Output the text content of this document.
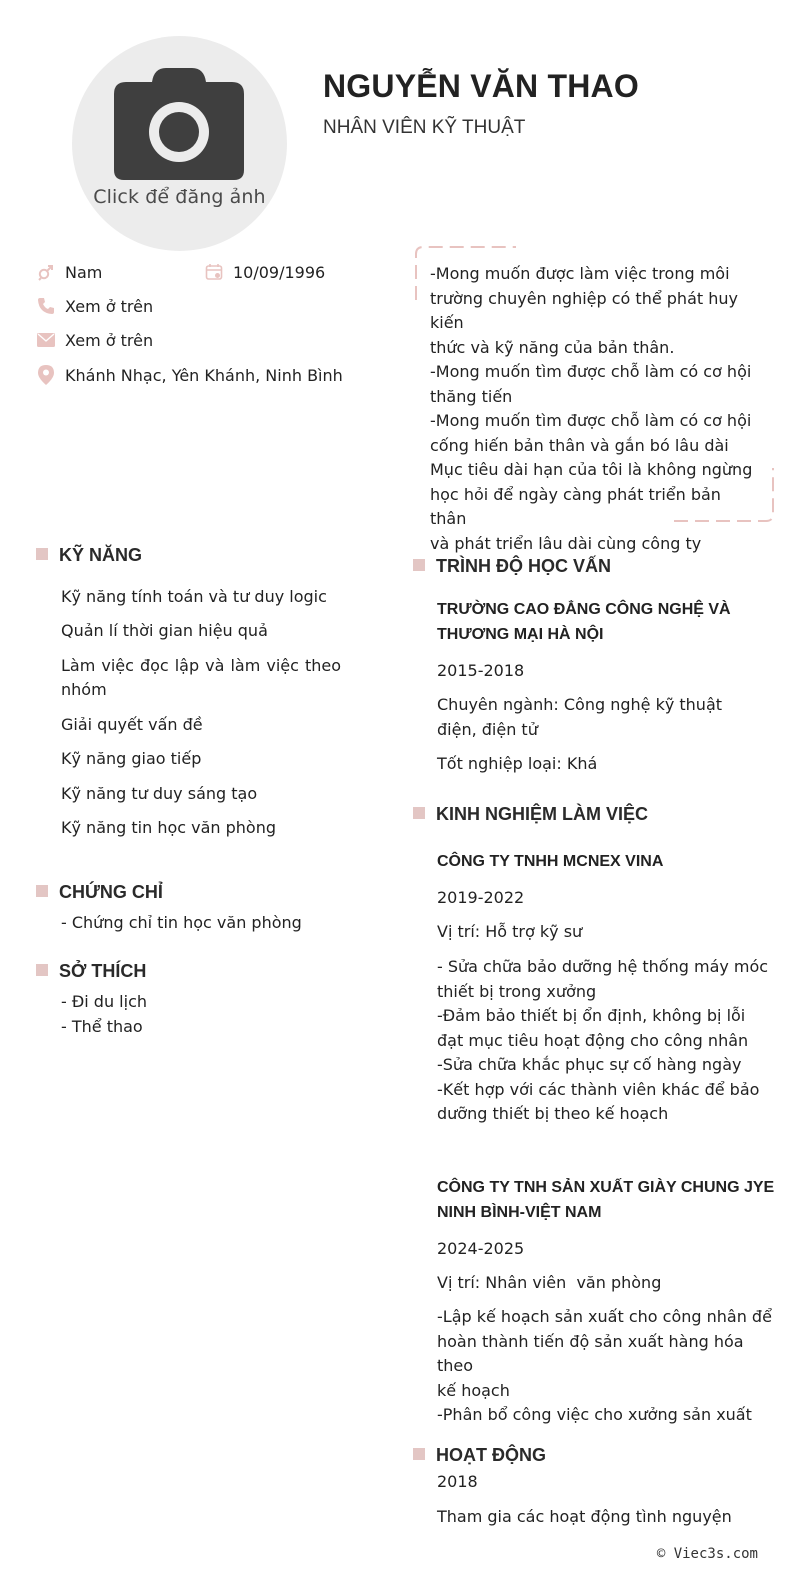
Click để đăng ảnh
NGUYỄN VĂN THAO
NHÂN VIÊN KỸ THUẬT
Nam	10/09/1996
Xem ở trên
Xem ở trên
Khánh Nhạc, Yên Khánh, Ninh Bình
-Mong muốn được làm việc trong môi
trường chuyên nghiệp có thể phát huy kiến
thức và kỹ năng của bản thân.
-Mong muốn tìm được chỗ làm có cơ hội
thăng tiến
-Mong muốn tìm được chỗ làm có cơ hội
cống hiến bản thân và gắn bó lâu dài
Mục tiêu dài hạn của tôi là không ngừng
học hỏi để ngày càng phát triển bản thân
và phát triển lâu dài cùng công ty
KỸ NĂNG
Kỹ năng tính toán và tư duy logic
Quản lí thời gian hiệu quả
Làm việc đọc lập và làm việc theo nhóm
Giải quyết vấn đề
Kỹ năng giao tiếp
Kỹ năng tư duy sáng tạo
Kỹ năng tin học văn phòng
CHỨNG CHỈ
- Chứng chỉ tin học văn phòng
SỞ THÍCH
- Đi du lịch
- Thể thao
TRÌNH ĐỘ HỌC VẤN
TRƯỜNG CAO ĐẲNG CÔNG NGHỆ VÀ THƯƠNG MẠI HÀ NỘI
2015-2018
Chuyên ngành: Công nghệ kỹ thuật điện, điện tử
Tốt nghiệp loại: Khá
KINH NGHIỆM LÀM VIỆC
CÔNG TY TNHH MCNEX VINA
2019-2022
Vị trí: Hỗ trợ kỹ sư
- Sửa chữa bảo dưỡng hệ thống máy móc
thiết bị trong xưởng
-Đảm bảo thiết bị ổn định, không bị lỗi
đạt mục tiêu hoạt động cho công nhân
-Sửa chữa khắc phục sự cố hàng ngày
-Kết hợp với các thành viên khác để bảo
dưỡng thiết bị theo kế hoạch
CÔNG TY TNH SẢN XUẤT GIÀY CHUNG JYE NINH BÌNH-VIỆT NAM
2024-2025
Vị trí: Nhân viên  văn phòng
-Lập kế hoạch sản xuất cho công nhân để
hoàn thành tiến độ sản xuất hàng hóa theo
kế hoạch
-Phân bổ công việc cho xưởng sản xuất
HOẠT ĐỘNG
2018
Tham gia các hoạt động tình nguyện
© Viec3s.com
